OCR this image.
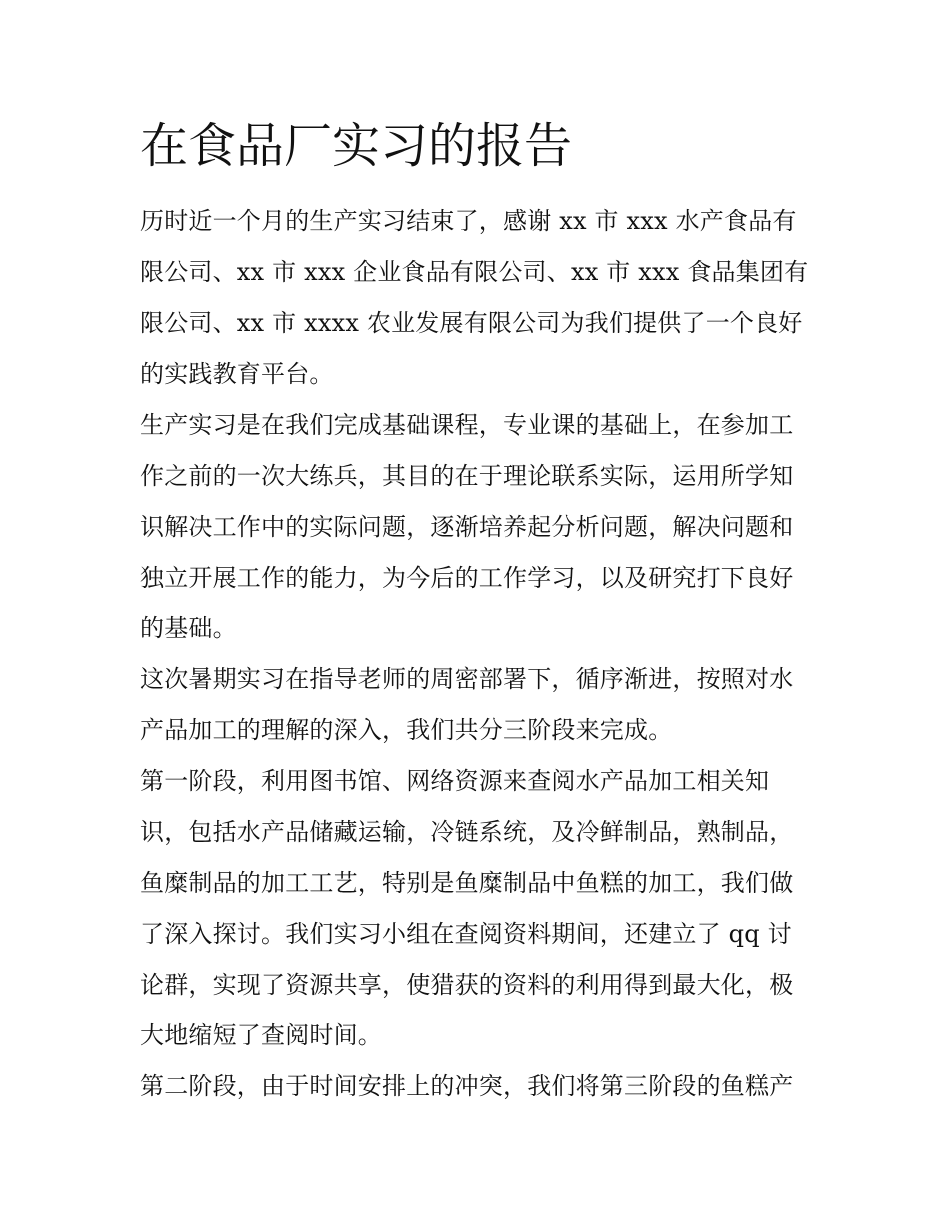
在食品厂实习的报告

历时近一个月的生产实习结束了，感谢 xx 市 xxx 水产食品有

限公司、xx 市 xxx 企业食品有限公司、xx 市 xxx 食品集团有

限公司、xx 市 xxxx 农业发展有限公司为我们提供了一个良好

的实践教育平台。

生产实习是在我们完成基础课程，专业课的基础上，在参加工

作之前的一次大练兵，其目的在于理论联系实际，运用所学知

识解决工作中的实际问题，逐渐培养起分析问题，解决问题和

独立开展工作的能力，为今后的工作学习，以及研究打下良好

的基础。

这次暑期实习在指导老师的周密部署下，循序渐进，按照对水

产品加工的理解的深入，我们共分三阶段来完成。

第一阶段，利用图书馆、网络资源来查阅水产品加工相关知

识，包括水产品储藏运输，冷链系统，及冷鲜制品，熟制品，

鱼糜制品的加工工艺，特别是鱼糜制品中鱼糕的加工，我们做

了深入探讨。我们实习小组在查阅资料期间，还建立了 qq 讨

论群，实现了资源共享，使猎获的资料的利用得到最大化，极

大地缩短了查阅时间。

第二阶段，由于时间安排上的冲突，我们将第三阶段的鱼糕产
